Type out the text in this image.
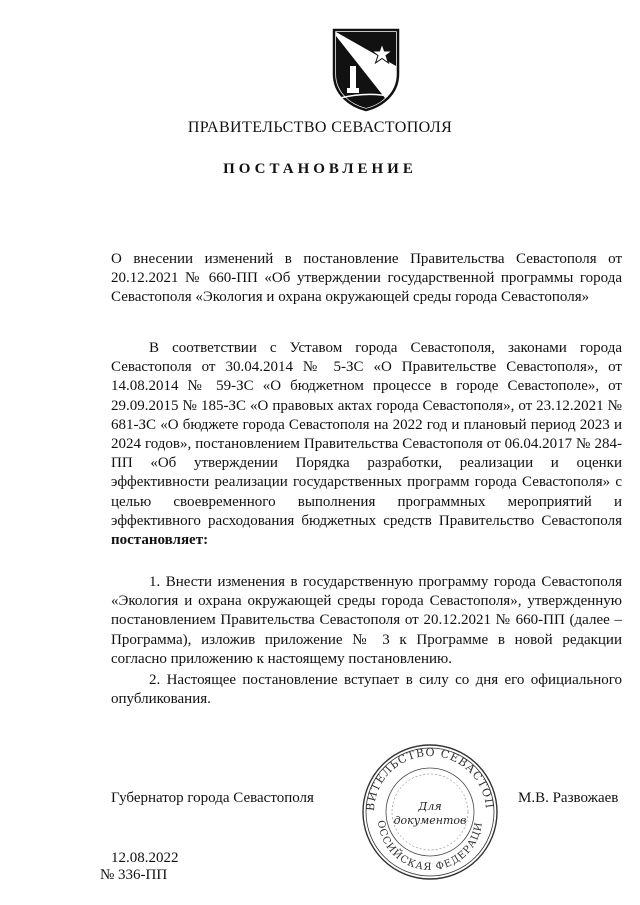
ПРАВИТЕЛЬСТВО СЕВАСТОПОЛЯ
ПОСТАНОВЛЕНИЕ
О внесении изменений в постановление Правительства Севастополя от 20.12.2021 № 660-ПП «Об утверждении государственной программы города Севастополя «Экология и охрана окружающей среды города Севастополя»
В соответствии с Уставом города Севастополя, законами города Севастополя от 30.04.2014 № 5-ЗС «О Правительстве Севастополя», от 14.08.2014 № 59-ЗС «О бюджетном процессе в городе Севастополе», от 29.09.2015 № 185-ЗС «О правовых актах города Севастополя», от 23.12.2021 № 681-ЗС «О бюджете города Севастополя на 2022 год и плановый период 2023 и 2024 годов», постановлением Правительства Севастополя от 06.04.2017 № 284-ПП «Об утверждении Порядка разработки, реализации и оценки эффективности реализации государственных программ города Севастополя» с целью своевременного выполнения программных мероприятий и эффективного расходования бюджетных средств Правительство Севастополя постановляет:
1. Внести изменения в государственную программу города Севастополя «Экология и охрана окружающей среды города Севастополя», утвержденную постановлением Правительства Севастополя от 20.12.2021 № 660-ПП (далее – Программа), изложив приложение № 3 к Программе в новой редакции согласно приложению к настоящему постановлению.
2. Настоящее постановление вступает в силу со дня его официального опубликования.
Губернатор города Севастополя	М.В. Развожаев
ВИТЕЛЬСТВО СЕВАСТОП
ОССИЙСКАЯ ФЕДЕРАЦИ
Для
документов
12.08.2022
№ 336-ПП
